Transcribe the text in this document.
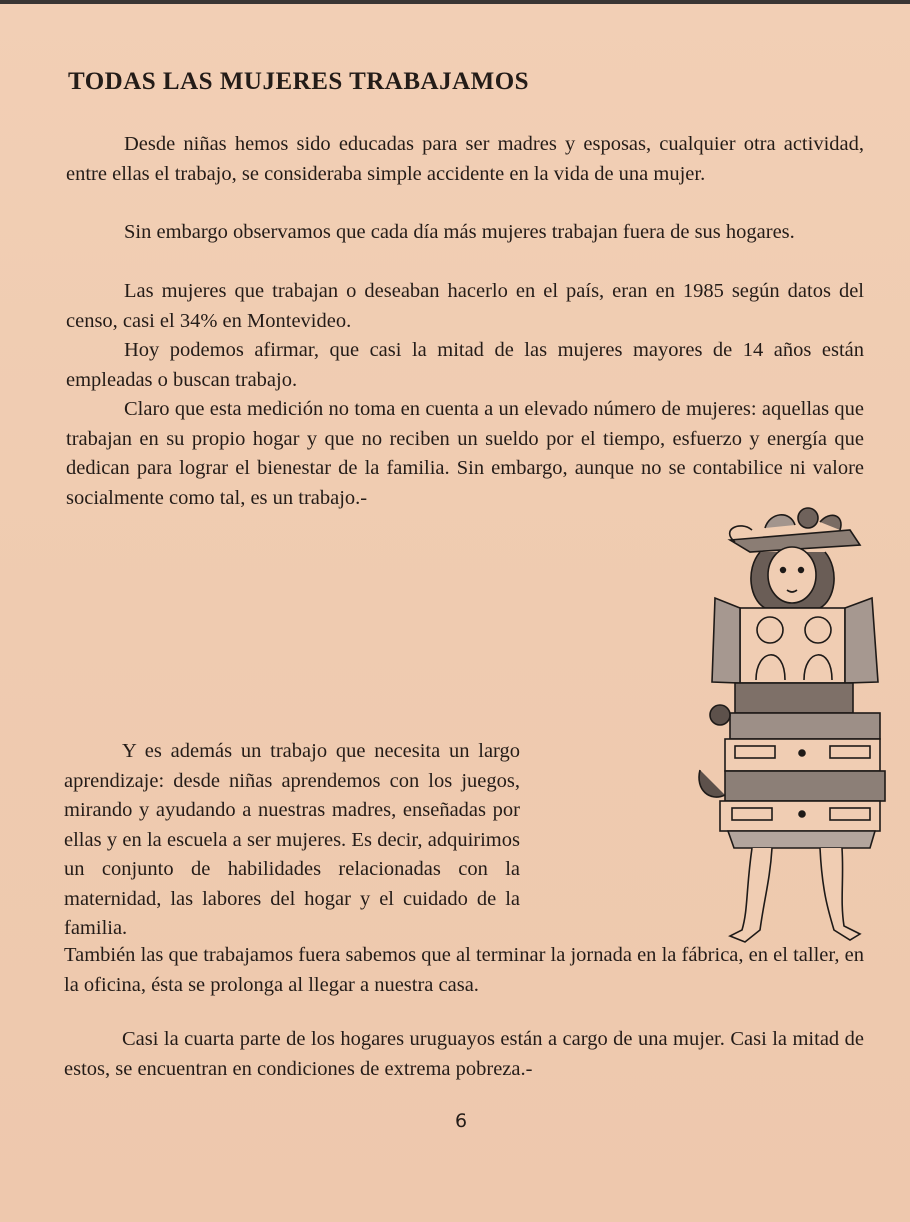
TODAS LAS MUJERES TRABAJAMOS

Desde niñas hemos sido educadas para ser madres y esposas, cualquier otra actividad, entre ellas el trabajo, se consideraba simple accidente en la vida de una mujer.

Sin embargo observamos que cada día más mujeres trabajan fuera de sus hogares.

Las mujeres que trabajan o deseaban hacerlo en el país, eran en 1985 según datos del censo, casi el 34% en Montevideo.

Hoy podemos afirmar, que casi la mitad de las mujeres mayores de 14 años están empleadas o buscan trabajo.

Claro que esta medición no toma en cuenta a un elevado número de mujeres: aquellas que trabajan en su propio hogar y que no reciben un sueldo por el tiempo, esfuerzo y energía que dedican para lograr el bienestar de la familia. Sin embargo, aunque no se contabilice ni valore socialmente como tal, es un trabajo.-

Y es además un trabajo que necesita un largo aprendizaje: desde niñas aprendemos con los juegos, mirando y ayudando a nuestras madres, enseñadas por ellas y en la escuela a ser mujeres. Es decir, adquirimos un conjunto de habilidades relacionadas con la maternidad, las labores del hogar y el cuidado de la familia.

También las que trabajamos fuera sabemos que al terminar la jornada en la fábrica, en el taller, en la oficina, ésta se prolonga al llegar a nuestra casa.

Casi la cuarta parte de los hogares uruguayos están a cargo de una mujer. Casi la mitad de estos, se encuentran en condiciones de extrema pobreza.-

6
